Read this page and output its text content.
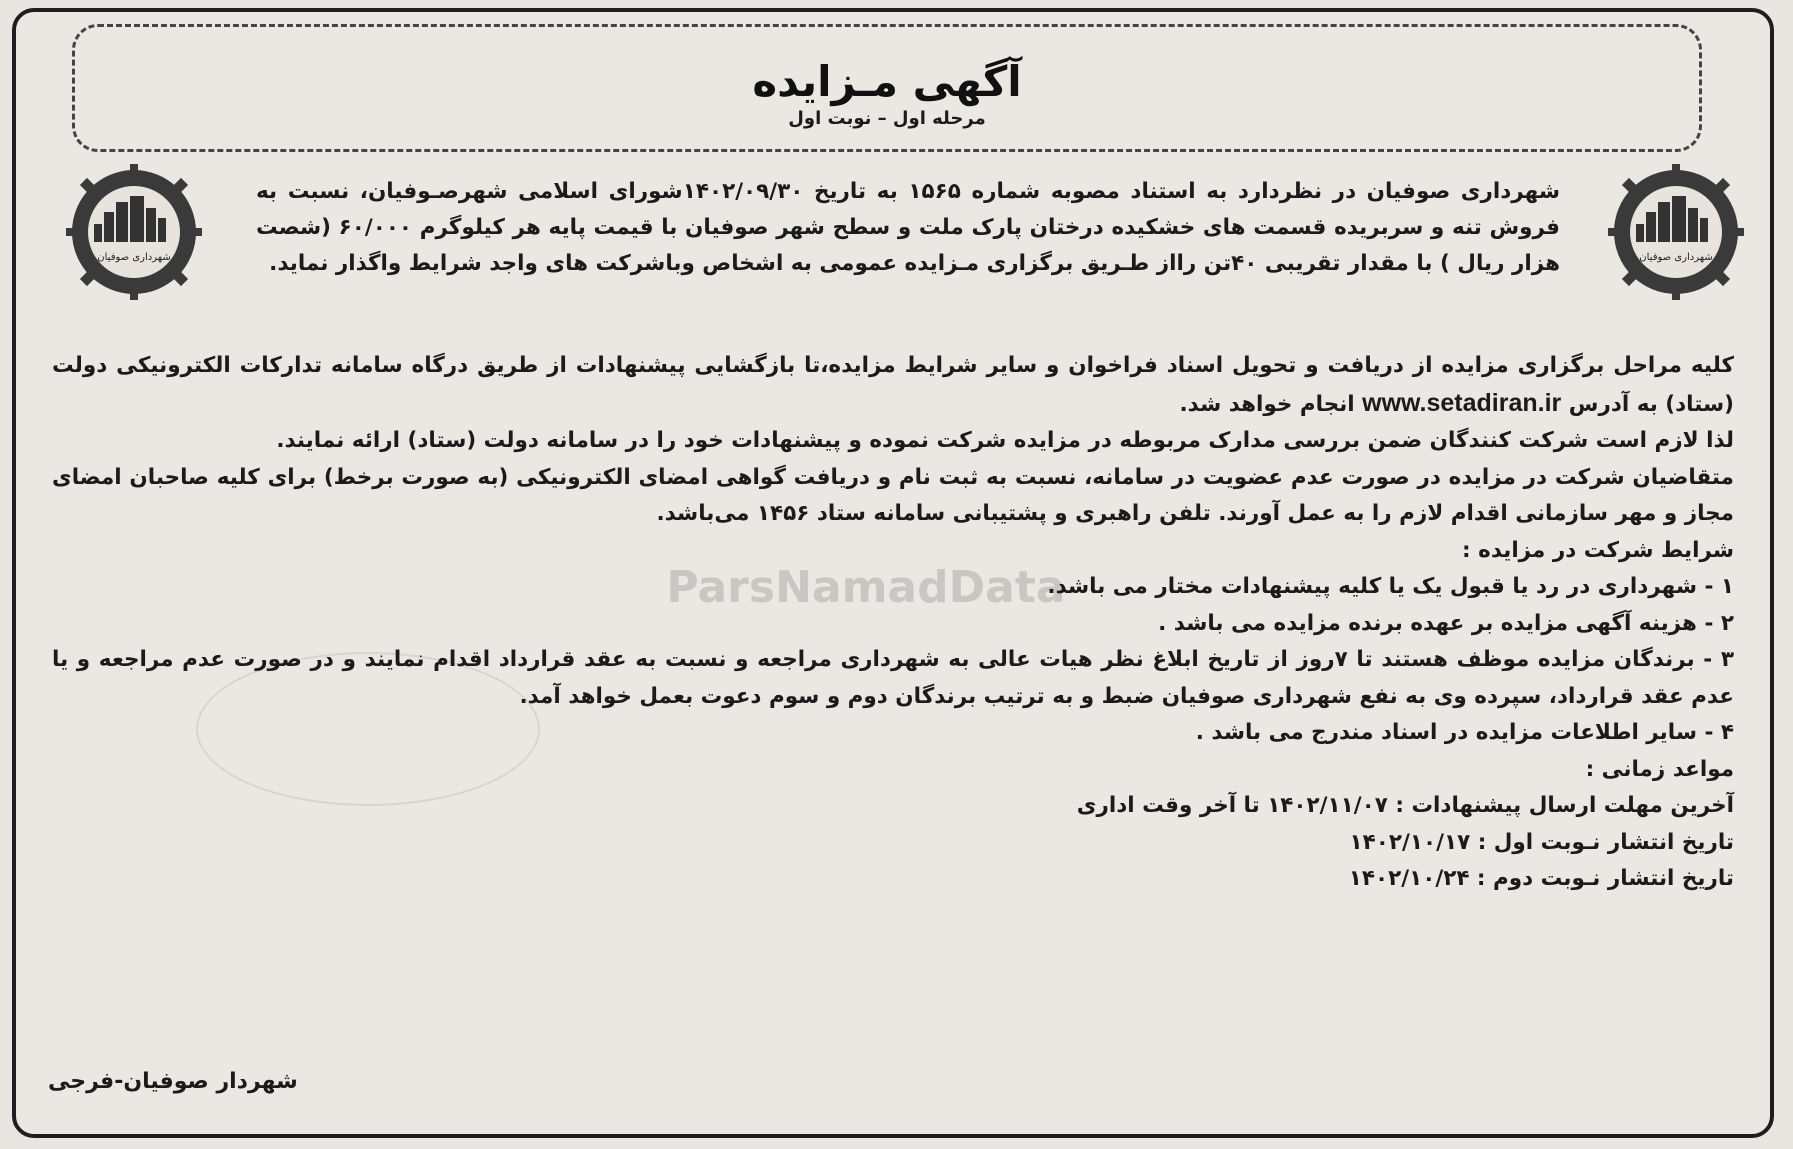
آگهی مـزایده
مرحله اول – نوبت اول
شهرداری صوفیان
شهرداری صوفیان
شهرداری صوفیان در نظردارد به استناد مصوبه شماره ۱۵۶۵ به تاریخ ۱۴۰۲/۰۹/۳۰شورای اسلامی شهرصـوفیان، نسبت به فروش تنه و سربریده قسمت های خشکیده درختان پارک ملت و سطح شهر صوفیان با قیمت پایه هر کیلوگرم ۶۰/۰۰۰ (شصت هزار ریال ) با مقدار تقریبی ۴۰تن رااز طـریق برگزاری مـزایده عمومی به اشخاص وباشرکت های واجد شرایط واگذار نماید.
ParsNamadData

کلیه مراحل برگزاری مزایده از دریافت و تحویل اسناد فراخوان و سایر شرایط مزایده،تا بازگشایی پیشنهادات از طریق درگاه سامانه تدارکات الکترونیکی دولت (ستاد) به آدرس www.setadiran.ir انجام خواهد شد.

لذا لازم است شرکت کنندگان ضمن بررسی مدارک مربوطه در مزایده شرکت نموده و پیشنهادات خود را در سامانه دولت (ستاد) ارائه نمایند.

متقاضیان شرکت در مزایده در صورت عدم عضویت در سامانه، نسبت به ثبت نام و دریافت گواهی امضای الکترونیکی (به صورت برخط) برای کلیه صاحبان امضای مجاز و مهر سازمانی اقدام لازم را به عمل آورند. تلفن راهبری و پشتیبانی سامانه ستاد ۱۴۵۶ می‌باشد.

شرایط شرکت در مزایده :

۱ - شهرداری در رد یا قبول یک یا کلیه پیشنهادات مختار می باشد.

۲ - هزینه آگهی مزایده بر عهده برنده مزایده می باشد .

۳ - برندگان مزایده موظف هستند تا ۷روز از تاریخ ابلاغ نظر هیات عالی به شهرداری مراجعه و نسبت به عقد قرارداد اقدام نمایند و در صورت عدم مراجعه و یا عدم عقد قرارداد، سپرده وی به نفع شهرداری صوفیان ضبط و به ترتیب برندگان دوم و سوم دعوت بعمل خواهد آمد.

۴ - سایر اطلاعات مزایده در اسناد مندرج می باشد .

مواعد زمانی :

آخرین مهلت ارسال پیشنهادات : ۱۴۰۲/۱۱/۰۷ تا آخر وقت اداری

تاریخ انتشار نـوبت اول : ۱۴۰۲/۱۰/۱۷

تاریخ انتشار نـوبت دوم : ۱۴۰۲/۱۰/۲۴

شهردار صوفیان-فرجی
